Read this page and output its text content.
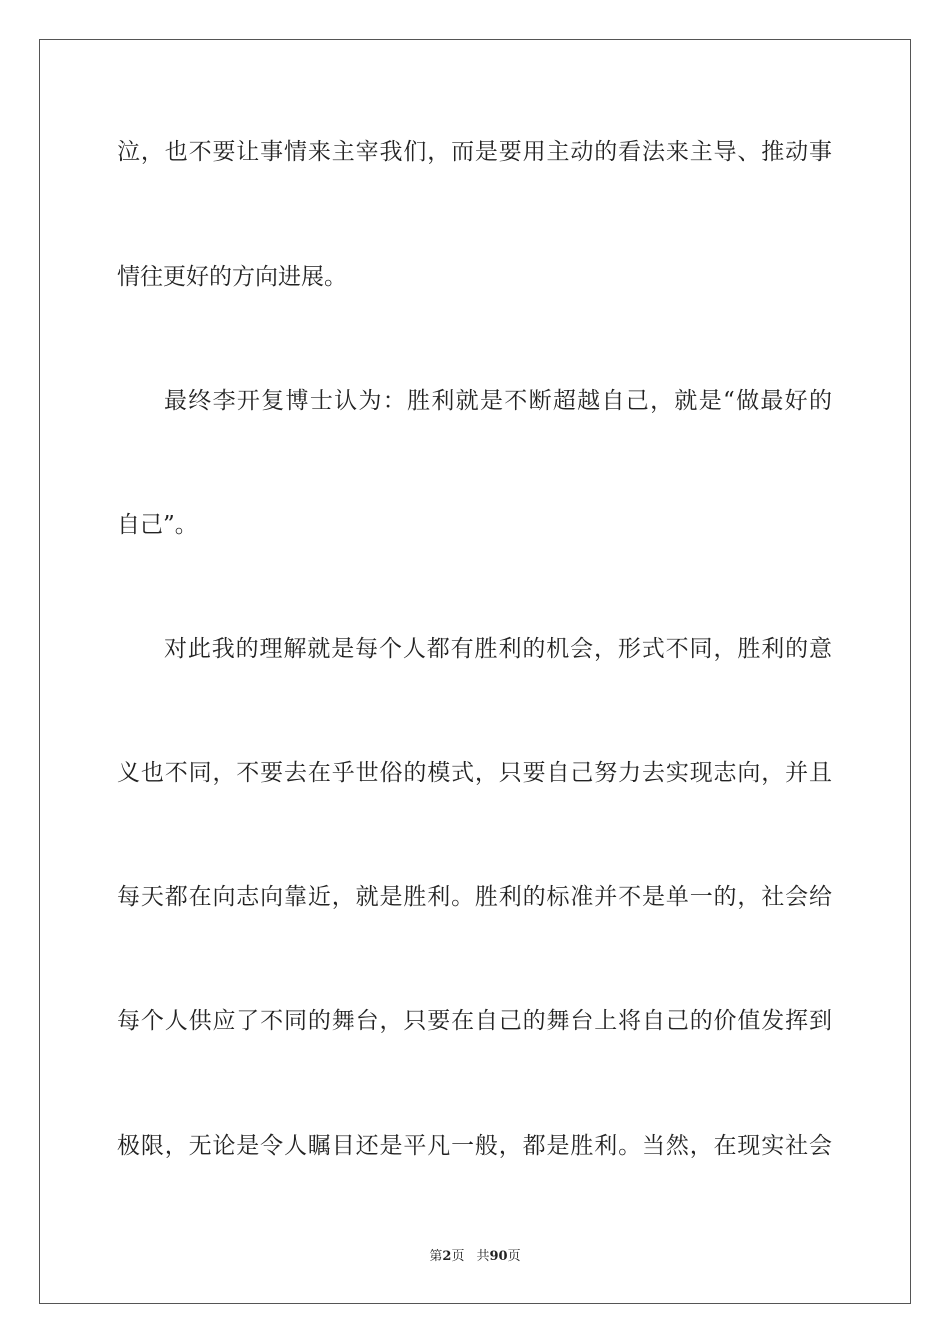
泣，也不要让事情来主宰我们，而是要用主动的看法来主导、推动事

情往更好的方向进展。

最终李开复博士认为：胜利就是不断超越自己，就是“做最好的

自己”。

对此我的理解就是每个人都有胜利的机会，形式不同，胜利的意

义也不同，不要去在乎世俗的模式，只要自己努力去实现志向，并且

每天都在向志向靠近，就是胜利。胜利的标准并不是单一的，社会给

每个人供应了不同的舞台，只要在自己的舞台上将自己的价值发挥到

极限，无论是令人瞩目还是平凡一般，都是胜利。当然，在现实社会

第2页 共90页
